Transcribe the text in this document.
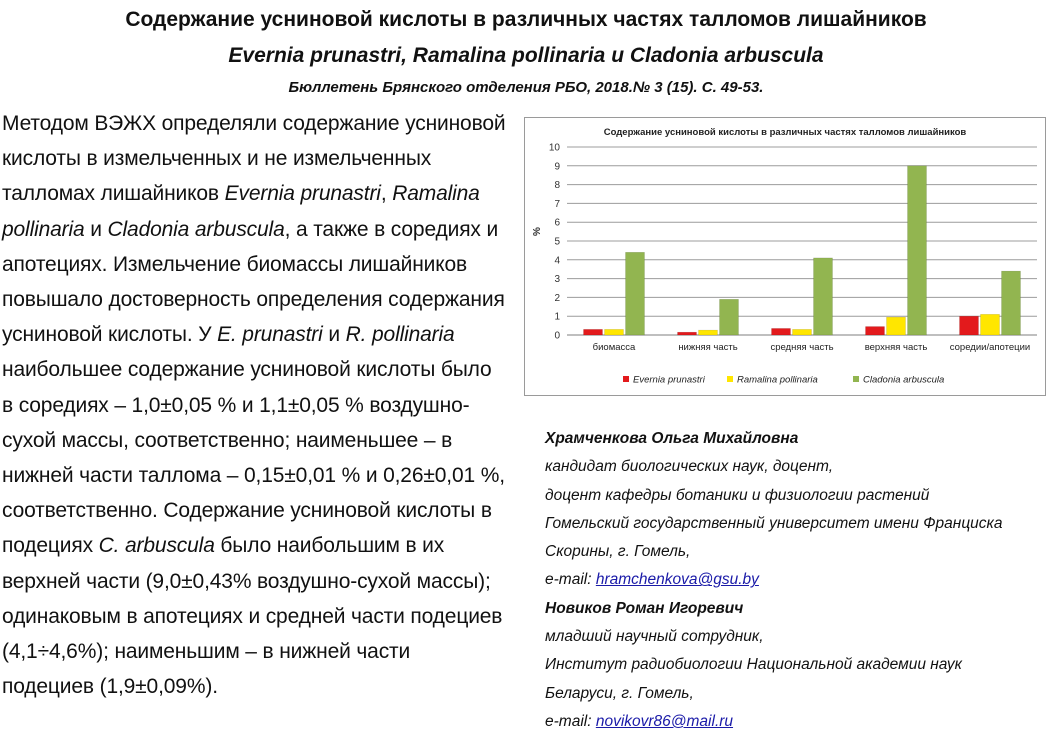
Содержание усниновой кислоты в различных частях талломов лишайников
Evernia prunastri, Ramalina pollinaria и Cladonia arbuscula
Бюллетень Брянского отделения РБО, 2018.№ 3 (15). С. 49-53.

Методом ВЭЖХ определяли содержание усниновой
кислоты в измельченных и не измельченных
талломах лишайников Evernia prunastri, Ramalina
pollinaria и Cladonia arbuscula, а также в соредиях и
апотециях. Измельчение биомассы лишайников
повышало достоверность определения содержания
усниновой кислоты. У E. prunastri и R. pollinaria
наибольшее содержание усниновой кислоты было
в соредиях – 1,0±0,05 % и 1,1±0,05 % воздушно-
сухой массы, соответственно; наименьшее – в
нижней части таллома – 0,15±0,01 % и 0,26±0,01 %,
соответственно. Содержание усниновой кислоты в
подециях C. arbuscula было наибольшим в их
верхней части (9,0±0,43% воздушно-сухой массы);
одинаковым в апотециях и средней части подециев
(4,1÷4,6%); наименьшим – в нижней части
подециев (1,9±0,09%).

Содержание усниновой кислоты в различных частях талломов лишайников
%
0
1
2
3
4
5
6
7
8
9
10
биомасса	нижняя часть	средняя часть	верхняя часть соредии/апотеции
Evernia prunastri	Ramalina pollinaria	Cladonia arbuscula
Храмченкова Ольга Михайловна
кандидат биологических наук, доцент,
доцент кафедры ботаники и физиологии растений
Гомельский государственный университет имени Франциска
Скорины, г. Гомель,
e-mail: hramchenkova@gsu.by
Новиков Роман Игоревич
младший научный сотрудник,
Институт радиобиологии Национальной академии наук
Беларуси, г. Гомель,
e-mail: novikovr86@mail.ru
